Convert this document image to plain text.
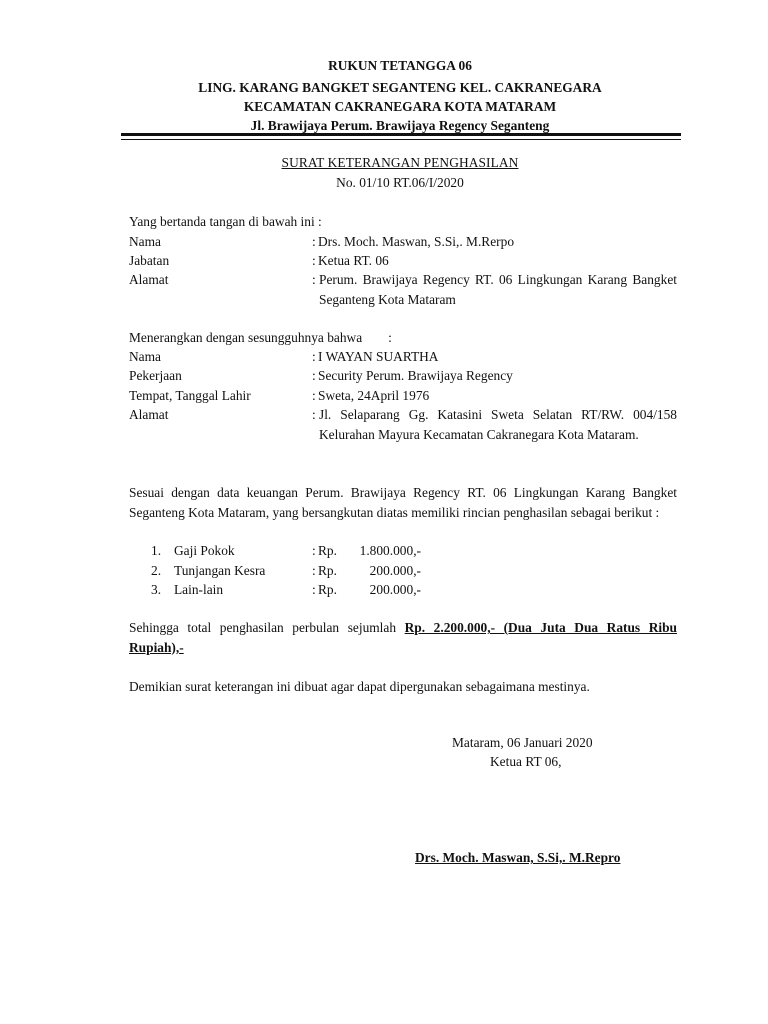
RUKUN TETANGGA 06
LING. KARANG BANGKET SEGANTENG KEL. CAKRANEGARA
KECAMATAN CAKRANEGARA KOTA MATARAM
Jl. Brawijaya Perum. Brawijaya Regency Seganteng
SURAT KETERANGAN PENGHASILAN
No. 01/10 RT.06/I/2020
Yang bertanda tangan di bawah ini :
Nama	: Drs. Moch. Maswan, S.Si,. M.Rerpo
Jabatan	: Ketua RT. 06
Alamat	: Perum. Brawijaya Regency RT. 06 Lingkungan Karang Bangket Seganteng Kota Mataram
Menerangkan dengan sesungguhnya bahwa :
Nama	: I WAYAN SUARTHA
Pekerjaan	: Security Perum. Brawijaya Regency
Tempat, Tanggal Lahir	: Sweta, 24April 1976
Alamat	: Jl. Selaparang Gg. Katasini Sweta Selatan RT/RW. 004/158 Kelurahan Mayura Kecamatan Cakranegara Kota Mataram.
Sesuai dengan data keuangan Perum. Brawijaya Regency RT. 06 Lingkungan Karang Bangket Seganteng Kota Mataram, yang bersangkutan diatas memiliki rincian penghasilan sebagai berikut :
1. Gaji Pokok	: Rp.	1.800.000,-
2. Tunjangan Kesra	: Rp.	200.000,-
3. Lain-lain	: Rp.	200.000,-
Sehingga total penghasilan perbulan sejumlah Rp. 2.200.000,- (Dua Juta Dua Ratus Ribu Rupiah),-
Demikian surat keterangan ini dibuat agar dapat dipergunakan sebagaimana mestinya.
Mataram, 06 Januari 2020
Ketua RT 06,
Drs. Moch. Maswan, S.Si,. M.Repro
